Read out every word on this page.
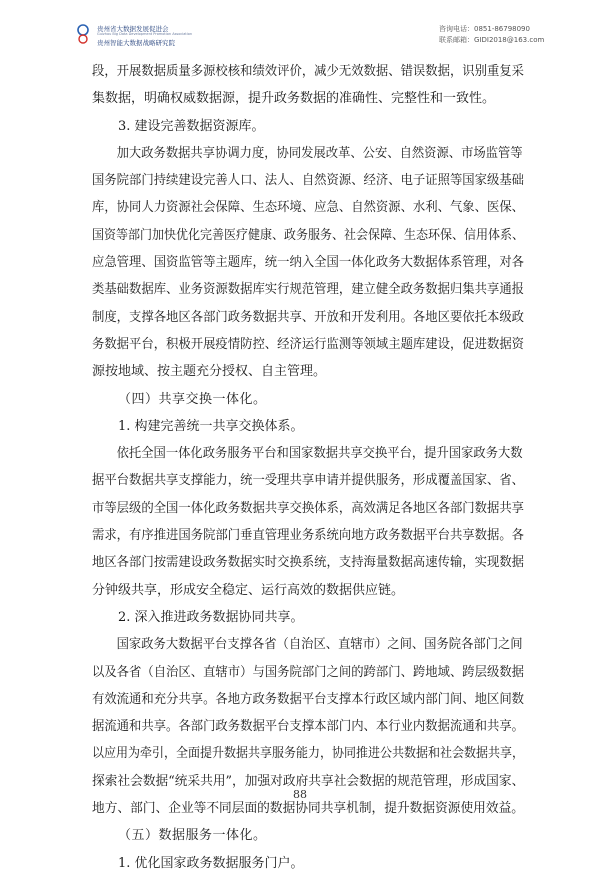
贵州省大数据发展促进会
Guizhou Big Data Development Promotion Association
贵州智能大数据战略研究院
咨询电话：0851-86798090
联系邮箱：GIDI2018@163.com
段，开展数据质量多源校核和绩效评价，减少无效数据、错误数据，识别重复采
集数据，明确权威数据源，提升政务数据的准确性、完整性和一致性。
3. 建设完善数据资源库。
加大政务数据共享协调力度，协同发展改革、公安、自然资源、市场监管等
国务院部门持续建设完善人口、法人、自然资源、经济、电子证照等国家级基础
库，协同人力资源社会保障、生态环境、应急、自然资源、水利、气象、医保、
国资等部门加快优化完善医疗健康、政务服务、社会保障、生态环保、信用体系、
应急管理、国资监管等主题库，统一纳入全国一体化政务大数据体系管理，对各
类基础数据库、业务资源数据库实行规范管理，建立健全政务数据归集共享通报
制度，支撑各地区各部门政务数据共享、开放和开发利用。各地区要依托本级政
务数据平台，积极开展疫情防控、经济运行监测等领域主题库建设，促进数据资
源按地域、按主题充分授权、自主管理。
（四）共享交换一体化。
1. 构建完善统一共享交换体系。
依托全国一体化政务服务平台和国家数据共享交换平台，提升国家政务大数
据平台数据共享支撑能力，统一受理共享申请并提供服务，形成覆盖国家、省、
市等层级的全国一体化政务数据共享交换体系，高效满足各地区各部门数据共享
需求，有序推进国务院部门垂直管理业务系统向地方政务数据平台共享数据。各
地区各部门按需建设政务数据实时交换系统，支持海量数据高速传输，实现数据
分钟级共享，形成安全稳定、运行高效的数据供应链。
2. 深入推进政务数据协同共享。
国家政务大数据平台支撑各省（自治区、直辖市）之间、国务院各部门之间
以及各省（自治区、直辖市）与国务院部门之间的跨部门、跨地域、跨层级数据
有效流通和充分共享。各地方政务数据平台支撑本行政区域内部门间、地区间数
据流通和共享。各部门政务数据平台支撑本部门内、本行业内数据流通和共享。
以应用为牵引，全面提升数据共享服务能力，协同推进公共数据和社会数据共享，
探索社会数据“统采共用”，加强对政府共享社会数据的规范管理，形成国家、
地方、部门、企业等不同层面的数据协同共享机制，提升数据资源使用效益。
（五）数据服务一体化。
1. 优化国家政务数据服务门户。
88
